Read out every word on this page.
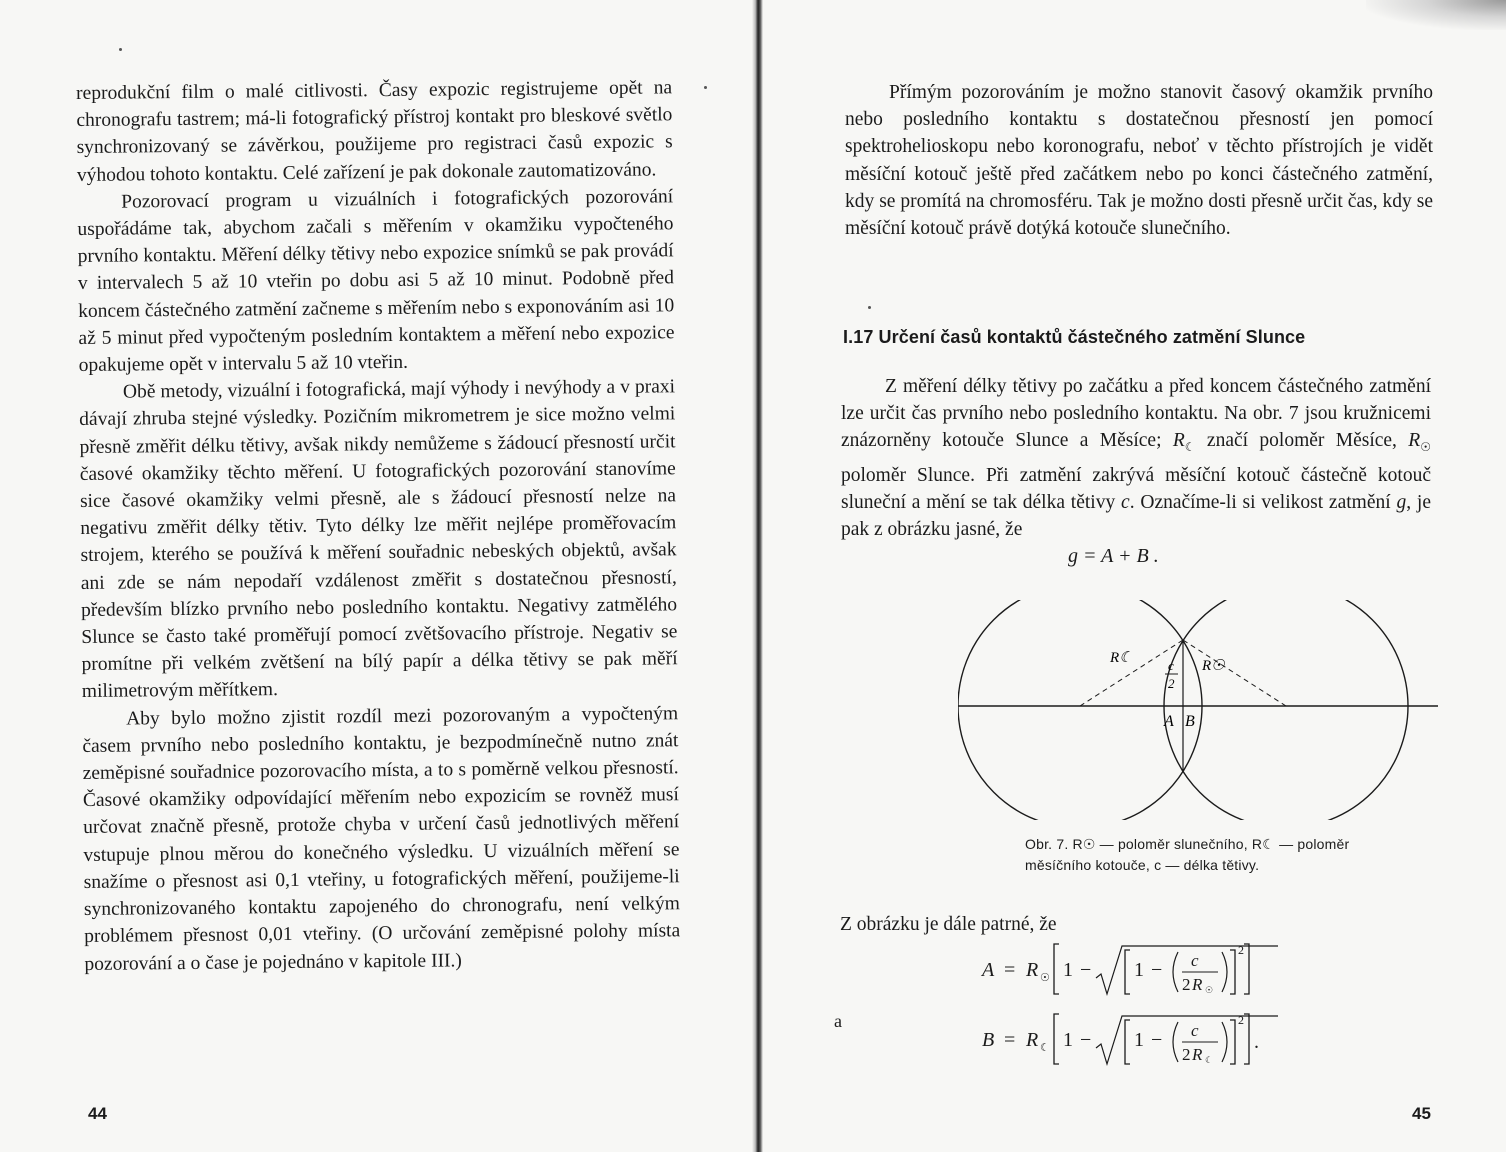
reprodukční film o malé citlivosti. Časy expozic registrujeme opět na chronografu tastrem; má-li fotografický přístroj kontakt pro bleskové světlo synchronizovaný se závěrkou, použijeme pro registraci časů expozic s výhodou tohoto kontaktu. Celé zařízení je pak dokonale zautomatizováno.

Pozorovací program u vizuálních i fotografických pozorování uspořádáme tak, abychom začali s měřením v okamžiku vypočteného prvního kontaktu. Měření délky tětivy nebo expozice snímků se pak provádí v intervalech 5 až 10 vteřin po dobu asi 5 až 10 minut. Podobně před koncem částečného zatmění začneme s měřením nebo s exponováním asi 10 až 5 minut před vypočteným posledním kontaktem a měření nebo expozice opakujeme opět v intervalu 5 až 10 vteřin.

Obě metody, vizuální i fotografická, mají výhody i nevýhody a v praxi dávají zhruba stejné výsledky. Pozičním mikrometrem je sice možno velmi přesně změřit délku tětivy, avšak nikdy nemůžeme s žádoucí přesností určit časové okamžiky těchto měření. U fotografických pozorování stanovíme sice časové okamžiky velmi přesně, ale s žádoucí přesností nelze na negativu změřit délky tětiv. Tyto délky lze měřit nejlépe proměřovacím strojem, kterého se používá k měření souřadnic nebeských objektů, avšak ani zde se nám nepodaří vzdálenost změřit s dostatečnou přesností, především blízko prvního nebo posledního kontaktu. Negativy zatmělého Slunce se často také proměřují pomocí zvětšovacího přístroje. Negativ se promítne při velkém zvětšení na bílý papír a délka tětivy se pak měří milimetrovým měřítkem.

Aby bylo možno zjistit rozdíl mezi pozorovaným a vypočteným časem prvního nebo posledního kontaktu, je bezpodmínečně nutno znát zeměpisné souřadnice pozorovacího místa, a to s poměrně velkou přesností. Časové okamžiky odpovídající měřením nebo expozicím se rovněž musí určovat značně přesně, protože chyba v určení časů jednotlivých měření vstupuje plnou měrou do konečného výsledku. U vizuálních měření se snažíme o přesnost asi 0,1 vteřiny, u fotografických měření, použijeme-li synchronizovaného kontaktu zapojeného do chronografu, není velkým problémem přesnost 0,01 vteřiny. (O určování zeměpisné polohy místa pozorování a o čase je pojednáno v kapitole III.)

44

Přímým pozorováním je možno stanovit časový okamžik prvního nebo posledního kontaktu s dostatečnou přesností jen pomocí spektrohelioskopu nebo koronografu, neboť v těchto přístrojích je vidět měsíční kotouč ještě před začátkem nebo po konci částečného zatmění, kdy se promítá na chromosféru. Tak je možno dosti přesně určit čas, kdy se měsíční kotouč právě dotýká kotouče slunečního.

I.17 Určení časů kontaktů částečného zatmění Slunce

Z měření délky tětivy po začátku a před koncem částečného zatmění lze určit čas prvního nebo posledního kontaktu. Na obr. 7 jsou kružnicemi znázorněny kotouče Slunce a Měsíce; $R_☾$ značí poloměr Měsíce, $R_☉$ poloměr Slunce. Při zatmění zakrývá měsíční kotouč částečně kotouč sluneční a mění se tak délka tětivy c. Označíme-li si velikost zatmění g, je pak z obrázku jasné, že

g = A + B .
R☾	R☉
c
2
A B
Obr. 7. R☉ — poloměr slunečního, R☾ — poloměr
měsíčního kotouče, c — délka tětivy.
Z obrázku je dále patrné, že
a
A = R ☉ 1 − 1 − c
2 R ☉
2
B = R ☾ 1 − 1 − c
2 R ☾
2
.
45
